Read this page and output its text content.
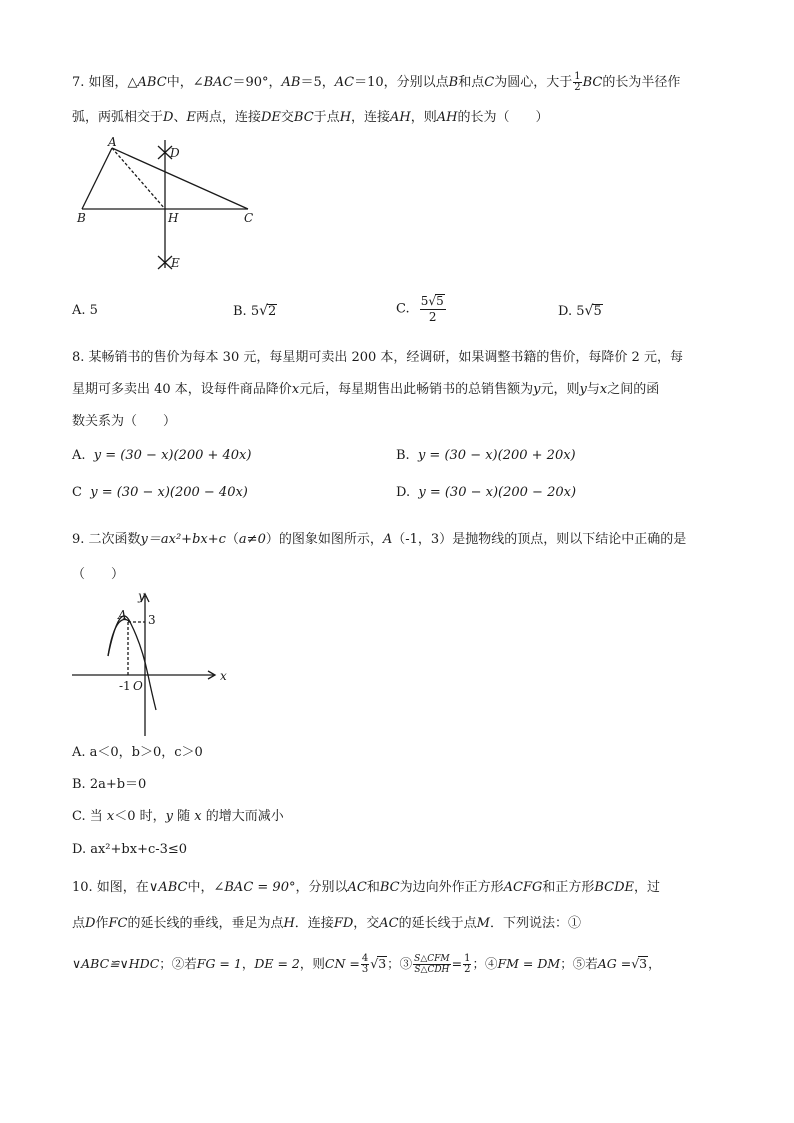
7. 如图，△ABC中，∠BAC＝90°，AB＝5，AC＝10，分别以点B和点C为圆心，大于 $\frac{1}{2}$ BC的长为半径作
弧，两弧相交于D、E两点，连接DE交BC于点H，连接AH，则AH的长为（　　）
A
B	C
D
H
E
A. 5	B. 5√2	C. $\frac{5√5}{2}$	D. 5√5
8. 某畅销书的售价为每本 30 元，每星期可卖出 200 本，经调研，如果调整书籍的售价，每降价 2 元，每
星期可多卖出 40 本，设每件商品降价x元后，每星期售出此畅销书的总销售额为y元，则y与x之间的函
数关系为（　　）
A. y = (30 − x)(200 + 40x)	B. y = (30 − x)(200 + 20x)
C y = (30 − x)(200 − 40x)	D. y = (30 − x)(200 − 20x)
9. 二次函数y＝ax²+bx+c（a≠0）的图象如图所示，A（-1，3）是抛物线的顶点，则以下结论中正确的是
（　　）
y
x
A 3
-1 O
A. a＜0，b＞0，c＞0
B. 2a+b＝0
C. 当 x＜0 时，y 随 x 的增大而减小
D. ax²+bx+c-3≤0
10. 如图，在∨ABC中，∠BAC = 90°，分别以AC和BC为边向外作正方形ACFG和正方形BCDE，过
点D作FC的延长线的垂线，垂足为点H．连接FD，交AC的延长线于点M．下列说法：①
∨ABC≌∨HDC；②若FG = 1，DE = 2，则CN = $\frac{4}{3} √3$；③ $\frac{\text{S△CFM}}{\text{S△CDH}} = \frac{1}{2}$ ；④FM = DM；⑤若AG =√3，
